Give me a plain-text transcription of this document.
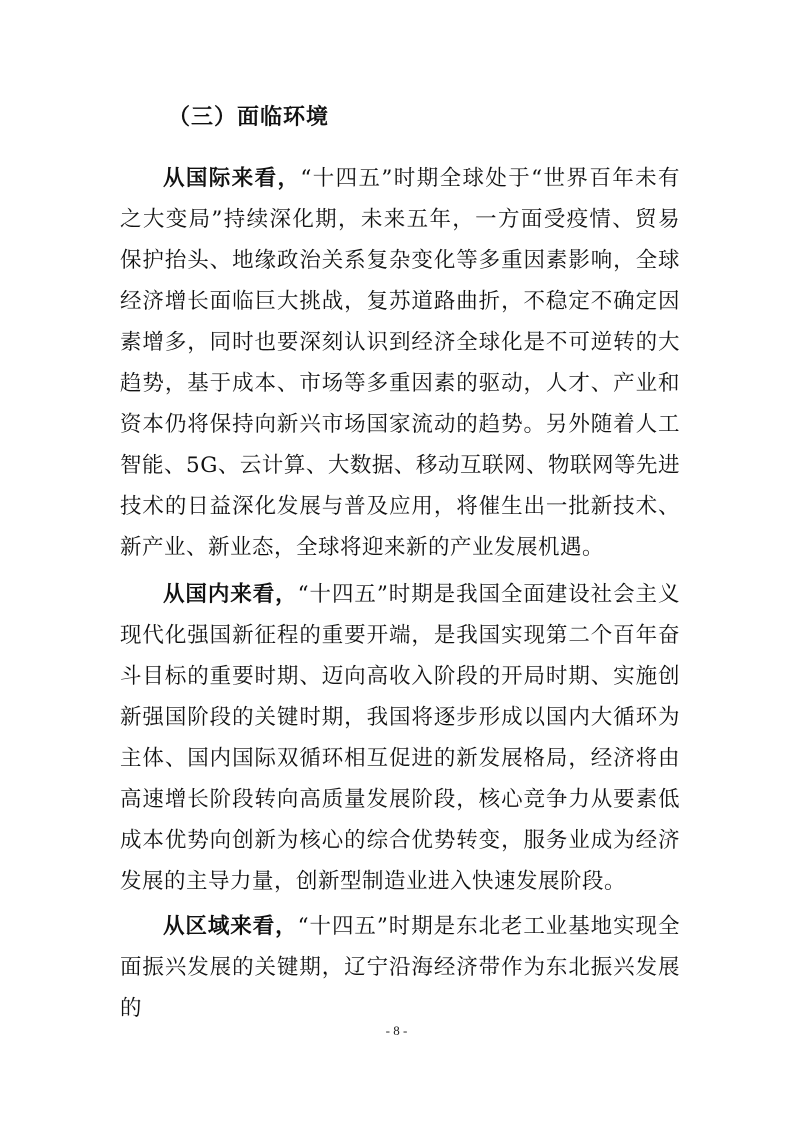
（三）面临环境

从国际来看，“十四五”时期全球处于“世界百年未有之大变局”持续深化期，未来五年，一方面受疫情、贸易保护抬头、地缘政治关系复杂变化等多重因素影响，全球经济增长面临巨大挑战，复苏道路曲折，不稳定不确定因素增多，同时也要深刻认识到经济全球化是不可逆转的大趋势，基于成本、市场等多重因素的驱动，人才、产业和资本仍将保持向新兴市场国家流动的趋势。另外随着人工智能、5G、云计算、大数据、移动互联网、物联网等先进技术的日益深化发展与普及应用，将催生出一批新技术、新产业、新业态，全球将迎来新的产业发展机遇。

从国内来看，“十四五”时期是我国全面建设社会主义现代化强国新征程的重要开端，是我国实现第二个百年奋斗目标的重要时期、迈向高收入阶段的开局时期、实施创新强国阶段的关键时期，我国将逐步形成以国内大循环为主体、国内国际双循环相互促进的新发展格局，经济将由高速增长阶段转向高质量发展阶段，核心竞争力从要素低成本优势向创新为核心的综合优势转变，服务业成为经济发展的主导力量，创新型制造业进入快速发展阶段。

从区域来看，“十四五”时期是东北老工业基地实现全面振兴发展的关键期，辽宁沿海经济带作为东北振兴发展的

- 8 -
